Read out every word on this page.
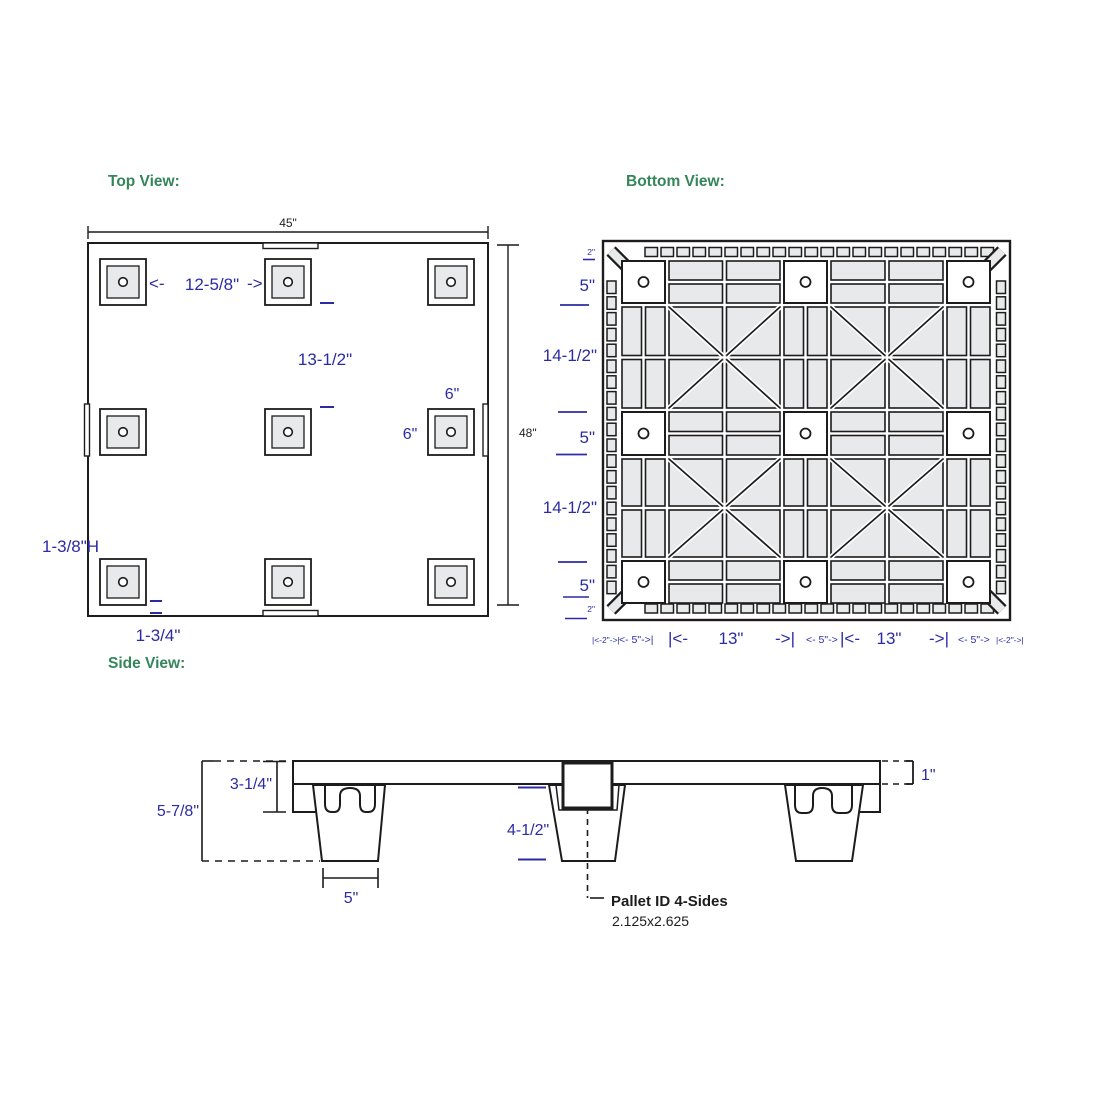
Top View:
45"
48"
<- 12-5/8" ->
13-1/2"
6"
6"
1-3/8"H
1-3/4"
Bottom View:
2"
5"
14-1/2"
5"
14-1/2"
5"
2"
|<-2"->| <- 5"->| |<- 13" ->| <- 5"-> |<- 13" ->| <- 5"-> |<-2"->|
Side View:
5-7/8"
3-1/4"
5"
4-1/2"
1"
Pallet ID 4-Sides
2.125x2.625
